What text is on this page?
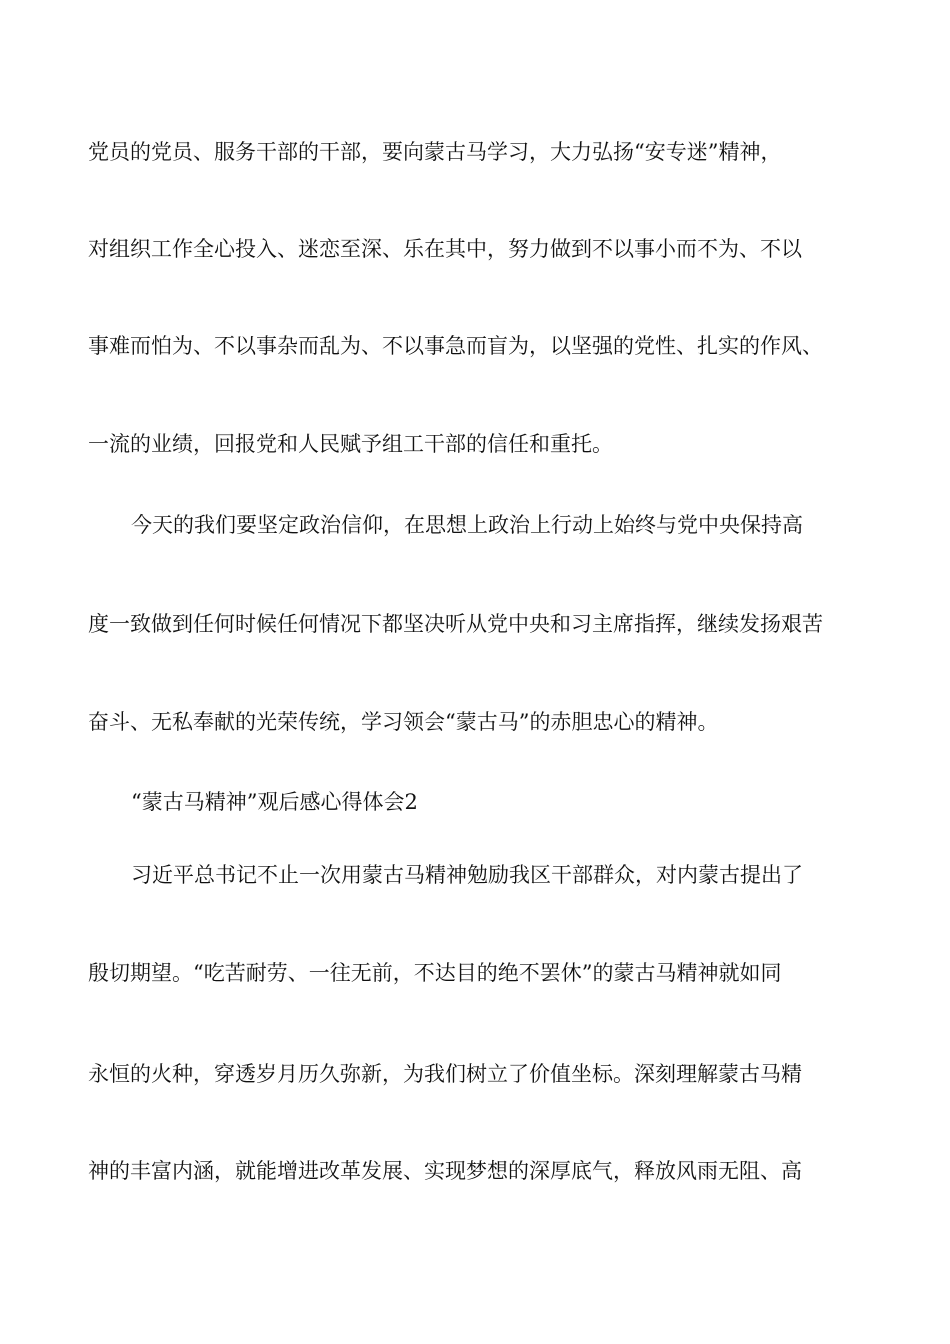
党员的党员、服务干部的干部，要向蒙古马学习，大力弘扬“安专迷”精神，
对组织工作全心投入、迷恋至深、乐在其中，努力做到不以事小而不为、不以
事难而怕为、不以事杂而乱为、不以事急而盲为，以坚强的党性、扎实的作风、
一流的业绩，回报党和人民赋予组工干部的信任和重托。
今天的我们要坚定政治信仰，在思想上政治上行动上始终与党中央保持高
度一致做到任何时候任何情况下都坚决听从党中央和习主席指挥，继续发扬艰苦
奋斗、无私奉献的光荣传统，学习领会“蒙古马”的赤胆忠心的精神。
“蒙古马精神”观后感心得体会2
习近平总书记不止一次用蒙古马精神勉励我区干部群众，对内蒙古提出了
殷切期望。“吃苦耐劳、一往无前，不达目的绝不罢休”的蒙古马精神就如同
永恒的火种，穿透岁月历久弥新，为我们树立了价值坐标。深刻理解蒙古马精
神的丰富内涵，就能增进改革发展、实现梦想的深厚底气，释放风雨无阻、高
